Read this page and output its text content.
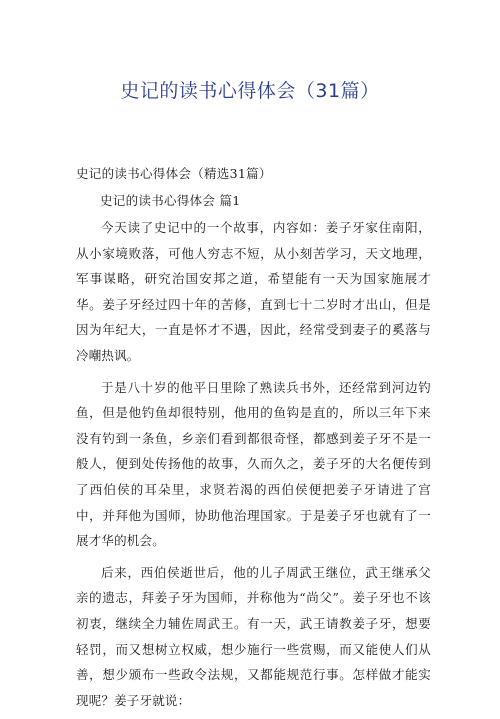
史记的读书心得体会（31篇）
史记的读书心得体会（精选31篇）
史记的读书心得体会 篇1

今天读了史记中的一个故事，内容如：姜子牙家住南阳，从小家境败落，可他人穷志不短，从小刻苦学习，天文地理，军事谋略，研究治国安邦之道，希望能有一天为国家施展才华。姜子牙经过四十年的苦修，直到七十二岁时才出山，但是因为年纪大，一直是怀才不遇，因此，经常受到妻子的奚落与冷嘲热讽。

于是八十岁的他平日里除了熟读兵书外，还经常到河边钓鱼，但是他钓鱼却很特别，他用的鱼钩是直的，所以三年下来没有钓到一条鱼，乡亲们看到都很奇怪，都感到姜子牙不是一般人，便到处传扬他的故事，久而久之，姜子牙的大名便传到了西伯侯的耳朵里，求贤若渴的西伯侯便把姜子牙请进了宫中，并拜他为国师，协助他治理国家。于是姜子牙也就有了一展才华的机会。

后来，西伯侯逝世后，他的儿子周武王继位，武王继承父亲的遗志，拜姜子牙为国师，并称他为“尚父”。姜子牙也不该初衷，继续全力辅佐周武王。有一天，武王请教姜子牙，想要轻罚，而又想树立权威，想少施行一些赏赐，而又能使人们从善，想少颁布一些政令法规，又都能规范行事。怎样做才能实现呢？姜子牙就说：
